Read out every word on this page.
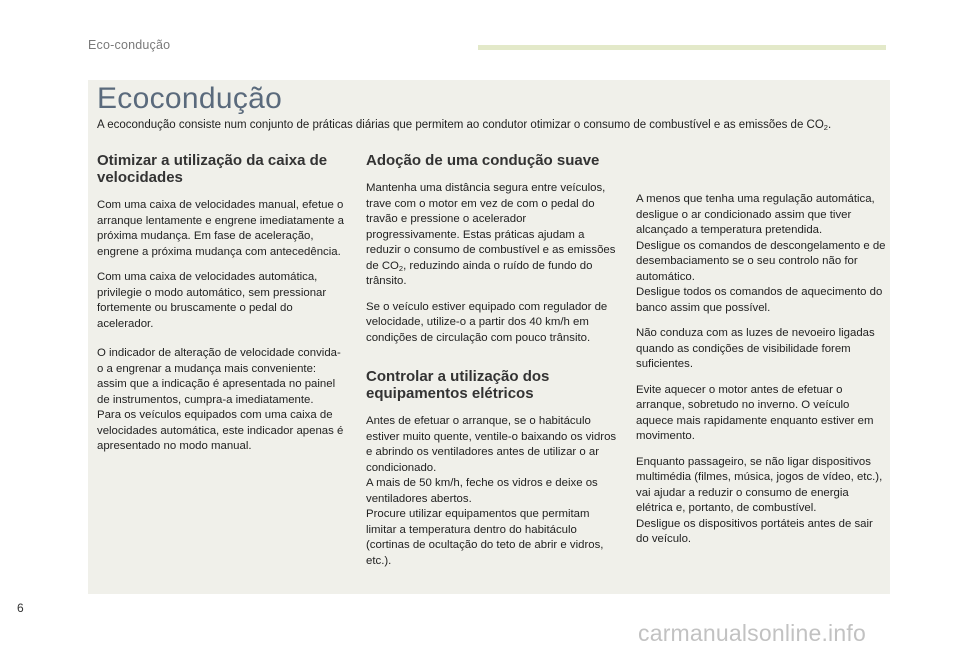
Eco-condução
Ecocondução

A ecocondução consiste num conjunto de práticas diárias que permitem ao condutor otimizar o consumo de combustível e as emissões de $CO_2$.

Otimizar a utilização da caixa de velocidades

Com uma caixa de velocidades manual, efetue o arranque lentamente e engrene imediatamente a próxima mudança. Em fase de aceleração, engrene a próxima mudança com antecedência.

Com uma caixa de velocidades automática, privilegie o modo automático, sem pressionar fortemente ou bruscamente o pedal do acelerador.

O indicador de alteração de velocidade convida-o a engrenar a mudança mais conveniente: assim que a indicação é apresentada no painel de instrumentos, cumpra-a imediatamente.

Para os veículos equipados com uma caixa de velocidades automática, este indicador apenas é apresentado no modo manual.

Adoção de uma condução suave

Mantenha uma distância segura entre veículos, trave com o motor em vez de com o pedal do travão e pressione o acelerador progressivamente. Estas práticas ajudam a reduzir o consumo de combustível e as emissões de $CO_2$, reduzindo ainda o ruído de fundo do trânsito.

Se o veículo estiver equipado com regulador de velocidade, utilize-o a partir dos 40 km/h em condições de circulação com pouco trânsito.

Controlar a utilização dos equipamentos elétricos

Antes de efetuar o arranque, se o habitáculo estiver muito quente, ventile-o baixando os vidros e abrindo os ventiladores antes de utilizar o ar condicionado.

A mais de 50 km/h, feche os vidros e deixe os ventiladores abertos.

Procure utilizar equipamentos que permitam limitar a temperatura dentro do habitáculo (cortinas de ocultação do teto de abrir e vidros, etc.).

A menos que tenha uma regulação automática, desligue o ar condicionado assim que tiver alcançado a temperatura pretendida.

Desligue os comandos de descongelamento e de desembaciamento se o seu controlo não for automático.

Desligue todos os comandos de aquecimento do banco assim que possível.

Não conduza com as luzes de nevoeiro ligadas quando as condições de visibilidade forem suficientes.

Evite aquecer o motor antes de efetuar o arranque, sobretudo no inverno. O veículo aquece mais rapidamente enquanto estiver em movimento.

Enquanto passageiro, se não ligar dispositivos multimédia (filmes, música, jogos de vídeo, etc.), vai ajudar a reduzir o consumo de energia elétrica e, portanto, de combustível.

Desligue os dispositivos portáteis antes de sair do veículo.

6
carmanualsonline.info
